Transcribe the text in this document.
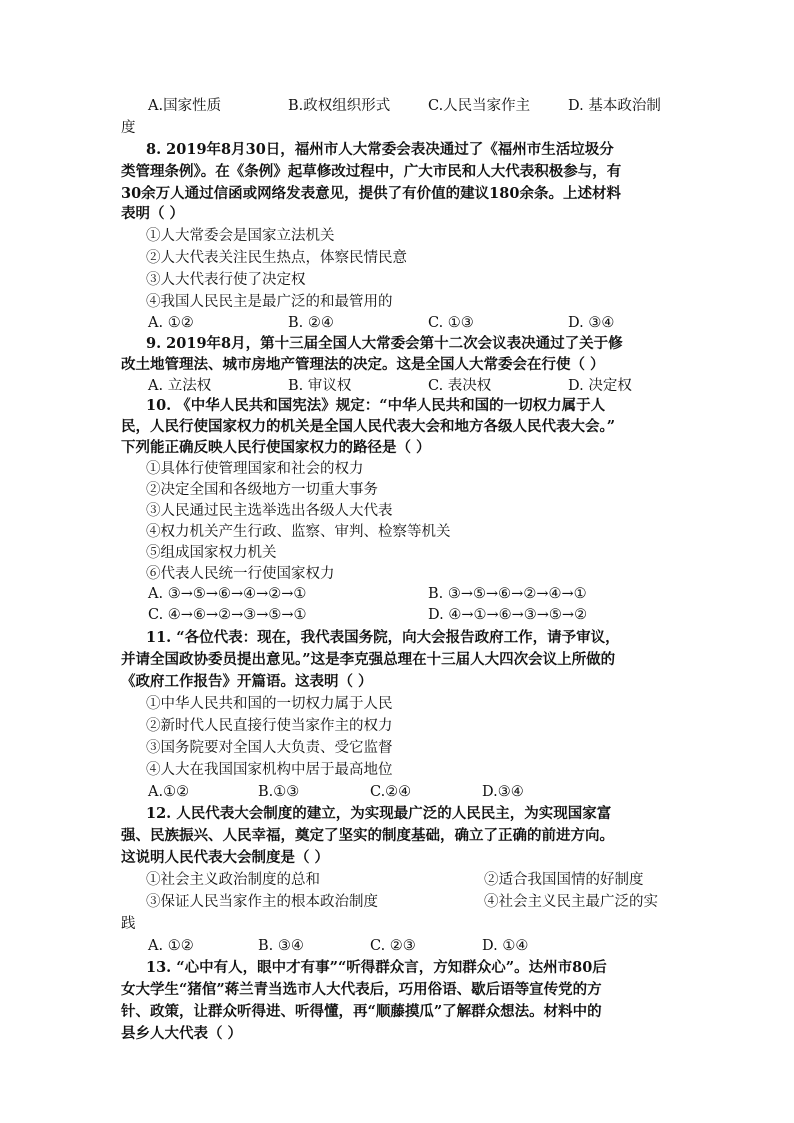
A.国家性质	B.政权组织形式	C.人民当家作主	D. 基本政治制
度
8. 2019年8月30日，福州市人大常委会表决通过了《福州市生活垃圾分
类管理条例》。在《条例》起草修改过程中，广大市民和人大代表积极参与，有
30余万人通过信函或网络发表意见，提供了有价值的建议180余条。上述材料
表明（ ）
①人大常委会是国家立法机关
②人大代表关注民生热点，体察民情民意
③人大代表行使了决定权
④我国人民民主是最广泛的和最管用的
A. ①②	B. ②④	C. ①③	D. ③④
9. 2019年8月，第十三届全国人大常委会第十二次会议表决通过了关于修
改土地管理法、城市房地产管理法的决定。这是全国人大常委会在行使（ ）
A. 立法权	B. 审议权	C. 表决权	D. 决定权
10. 《中华人民共和国宪法》规定：“中华人民共和国的一切权力属于人
民，人民行使国家权力的机关是全国人民代表大会和地方各级人民代表大会。”
下列能正确反映人民行使国家权力的路径是（ ）
①具体行使管理国家和社会的权力
②决定全国和各级地方一切重大事务
③人民通过民主选举选出各级人大代表
④权力机关产生行政、监察、审判、检察等机关
⑤组成国家权力机关
⑥代表人民统一行使国家权力
A. ③→⑤→⑥→④→②→①	B. ③→⑤→⑥→②→④→①
C. ④→⑥→②→③→⑤→①	D. ④→①→⑥→③→⑤→②
11. “各位代表：现在，我代表国务院，向大会报告政府工作，请予审议，
并请全国政协委员提出意见。”这是李克强总理在十三届人大四次会议上所做的
《政府工作报告》开篇语。这表明（ ）
①中华人民共和国的一切权力属于人民
②新时代人民直接行使当家作主的权力
③国务院要对全国人大负责、受它监督
④人大在我国国家机构中居于最高地位
A.①②	B.①③	C.②④	D.③④
12. 人民代表大会制度的建立，为实现最广泛的人民民主，为实现国家富
强、民族振兴、人民幸福，奠定了坚实的制度基础，确立了正确的前进方向。
这说明人民代表大会制度是（ ）
①社会主义政治制度的总和	②适合我国国情的好制度
③保证人民当家作主的根本政治制度	④社会主义民主最广泛的实
践
A. ①②	B. ③④	C. ②③	D. ①④
13. “心中有人，眼中才有事”“听得群众言，方知群众心”。达州市80后
女大学生“猪倌”蒋兰青当选市人大代表后，巧用俗语、歇后语等宣传党的方
针、政策，让群众听得进、听得懂，再“顺藤摸瓜”了解群众想法。材料中的
县乡人大代表（ ）
